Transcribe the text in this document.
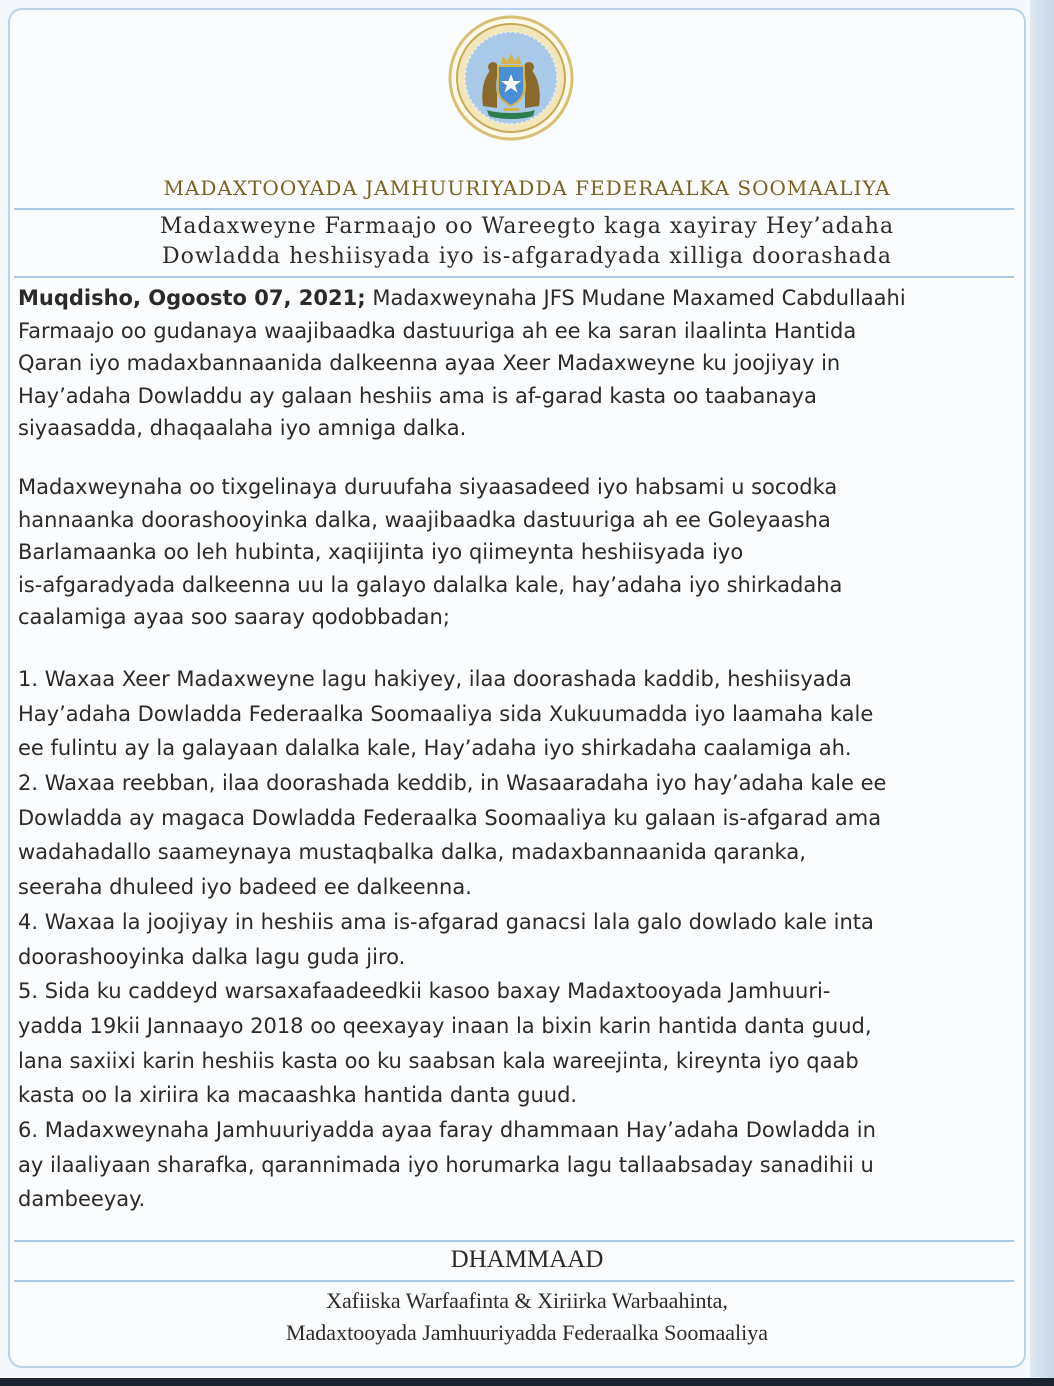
MADAXTOOYADA JAMHUURIYADDA FEDERAALKA SOOMAALIYA
Madaxweyne Farmaajo oo Wareegto kaga xayiray Hey’adaha
Dowladda heshiisyada iyo is-afgaradyada xilliga doorashada

Muqdisho, Ogoosto 07, 2021; Madaxweynaha JFS Mudane Maxamed Cabdullaahi
Farmaajo oo gudanaya waajibaadka dastuuriga ah ee ka saran ilaalinta Hantida
Qaran iyo madaxbannaanida dalkeenna ayaa Xeer Madaxweyne ku joojiyay in
Hay’adaha Dowladdu ay galaan heshiis ama is af-garad kasta oo taabanaya
siyaasadda, dhaqaalaha iyo amniga dalka.

Madaxweynaha oo tixgelinaya duruufaha siyaasadeed iyo habsami u socodka
hannaanka doorashooyinka dalka, waajibaadka dastuuriga ah ee Goleyaasha
Barlamaanka oo leh hubinta, xaqiijinta iyo qiimeynta heshiisyada iyo
is-afgaradyada dalkeenna uu la galayo dalalka kale, hay’adaha iyo shirkadaha
caalamiga ayaa soo saaray qodobbadan;

1. Waxaa Xeer Madaxweyne lagu hakiyey, ilaa doorashada kaddib, heshiisyada
Hay’adaha Dowladda Federaalka Soomaaliya sida Xukuumadda iyo laamaha kale
ee fulintu ay la galayaan dalalka kale, Hay’adaha iyo shirkadaha caalamiga ah.
2. Waxaa reebban, ilaa doorashada keddib, in Wasaaradaha iyo hay’adaha kale ee
Dowladda ay magaca Dowladda Federaalka Soomaaliya ku galaan is-afgarad ama
wadahadallo saameynaya mustaqbalka dalka, madaxbannaanida qaranka,
seeraha dhuleed iyo badeed ee dalkeenna.
4. Waxaa la joojiyay in heshiis ama is-afgarad ganacsi lala galo dowlado kale inta
doorashooyinka dalka lagu guda jiro.
5. Sida ku caddeyd warsaxafaadeedkii kasoo baxay Madaxtooyada Jamhuuri-
yadda 19kii Jannaayo 2018 oo qeexayay inaan la bixin karin hantida danta guud,
lana saxiixi karin heshiis kasta oo ku saabsan kala wareejinta, kireynta iyo qaab
kasta oo la xiriira ka macaashka hantida danta guud.
6. Madaxweynaha Jamhuuriyadda ayaa faray dhammaan Hay’adaha Dowladda in
ay ilaaliyaan sharafka, qarannimada iyo horumarka lagu tallaabsaday sanadihii u
dambeeyay.
DHAMMAAD
Xafiiska Warfaafinta & Xiriirka Warbaahinta,
Madaxtooyada Jamhuuriyadda Federaalka Soomaaliya
